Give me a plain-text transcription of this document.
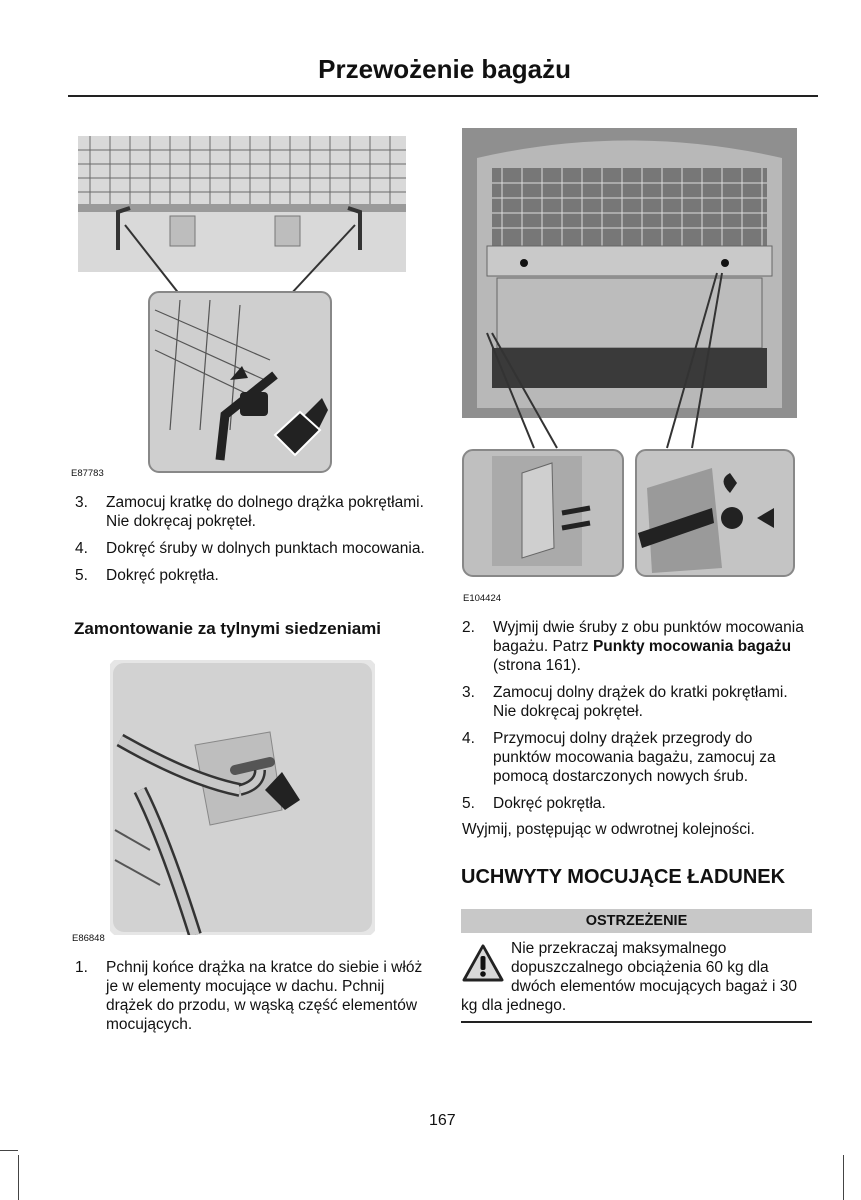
Przewożenie bagażu
E87783
E104424
3. Zamocuj kratkę do dolnego drążka pokrętłami. Nie dokręcaj pokręteł.
4. Dokręć śruby w dolnych punktach mocowania.
5. Dokręć pokrętła.
Zamontowanie za tylnymi siedzeniami
E86848
1. Pchnij końce drążka na kratce do siebie i włóż je w elementy mocujące w dachu. Pchnij drążek do przodu, w wąską część elementów mocujących.
2. Wyjmij dwie śruby z obu punktów mocowania bagażu. Patrz Punkty mocowania bagażu (strona 161).
3. Zamocuj dolny drążek do kratki pokrętłami. Nie dokręcaj pokręteł.
4. Przymocuj dolny drążek przegrody do punktów mocowania bagażu, zamocuj za pomocą dostarczonych nowych śrub.
5. Dokręć pokrętła.
Wyjmij, postępując w odwrotnej kolejności.
UCHWYTY MOCUJĄCE ŁADUNEK
OSTRZEŻENIE
Nie przekraczaj maksymalnego dopuszczalnego obciążenia 60 kg dla dwóch elementów mocujących bagaż i 30 kg dla jednego.
167
